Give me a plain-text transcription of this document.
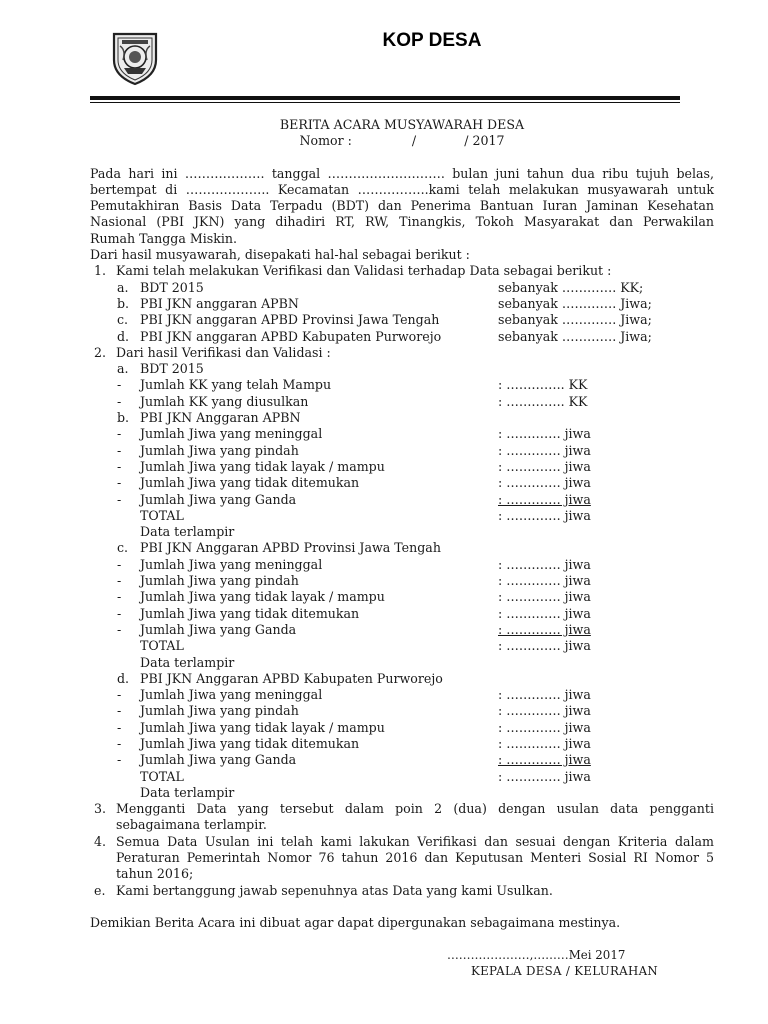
KOP DESA
BERITA ACARA MUSYAWARAH DESA
Nomor :               /            / 2017
Pada hari ini ………………. tanggal ………………………. bulan juni tahun dua ribu tujuh belas,
bertempat di ……………….. Kecamatan ……………..kami telah melakukan musyawarah untuk
Pemutakhiran Basis Data Terpadu (BDT) dan Penerima Bantuan Iuran Jaminan Kesehatan
Nasional (PBI JKN) yang dihadiri RT, RW, Tinangkis, Tokoh Masyarakat dan Perwakilan
Rumah Tangga Miskin.
Dari hasil musyawarah, disepakati hal-hal sebagai berikut :
1. Kami telah melakukan Verifikasi dan Validasi terhadap Data sebagai berikut :
a. BDT 2015	sebanyak …………. KK;
b. PBI JKN anggaran APBN	sebanyak …………. Jiwa;
c. PBI JKN anggaran APBD Provinsi Jawa Tengah	sebanyak …………. Jiwa;
d. PBI JKN anggaran APBD Kabupaten Purworejo	sebanyak …………. Jiwa;
2. Dari hasil Verifikasi dan Validasi :
a. BDT 2015
- Jumlah KK yang telah Mampu	: ………….. KK
- Jumlah KK yang diusulkan	: ………….. KK
b. PBI JKN Anggaran APBN
- Jumlah Jiwa yang meninggal	: …………. jiwa
- Jumlah Jiwa yang pindah	: …………. jiwa
- Jumlah Jiwa yang tidak layak / mampu	: …………. jiwa
- Jumlah Jiwa yang tidak ditemukan	: …………. jiwa
- Jumlah Jiwa yang Ganda	: …………. jiwa
TOTAL	: …………. jiwa
Data terlampir
c. PBI JKN Anggaran APBD Provinsi Jawa Tengah
- Jumlah Jiwa yang meninggal	: …………. jiwa
- Jumlah Jiwa yang pindah	: …………. jiwa
- Jumlah Jiwa yang tidak layak / mampu	: …………. jiwa
- Jumlah Jiwa yang tidak ditemukan	: …………. jiwa
- Jumlah Jiwa yang Ganda	: …………. jiwa
TOTAL	: …………. jiwa
Data terlampir
d. PBI JKN Anggaran APBD Kabupaten Purworejo
- Jumlah Jiwa yang meninggal	: …………. jiwa
- Jumlah Jiwa yang pindah	: …………. jiwa
- Jumlah Jiwa yang tidak layak / mampu	: …………. jiwa
- Jumlah Jiwa yang tidak ditemukan	: …………. jiwa
- Jumlah Jiwa yang Ganda	: …………. jiwa
TOTAL	: …………. jiwa
Data terlampir
3. Mengganti Data yang tersebut dalam poin 2 (dua) dengan usulan data pengganti
sebagaimana terlampir.
4. Semua Data Usulan ini telah kami lakukan Verifikasi dan sesuai dengan Kriteria dalam
Peraturan Pemerintah Nomor 76 tahun 2016 dan Keputusan Menteri Sosial RI Nomor 5
tahun 2016;
e. Kami bertanggung jawab sepenuhnya atas Data yang kami Usulkan.
Demikian Berita Acara ini dibuat agar dapat dipergunakan sebagaimana mestinya.
…………………,………Mei 2017
KEPALA DESA / KELURAHAN
